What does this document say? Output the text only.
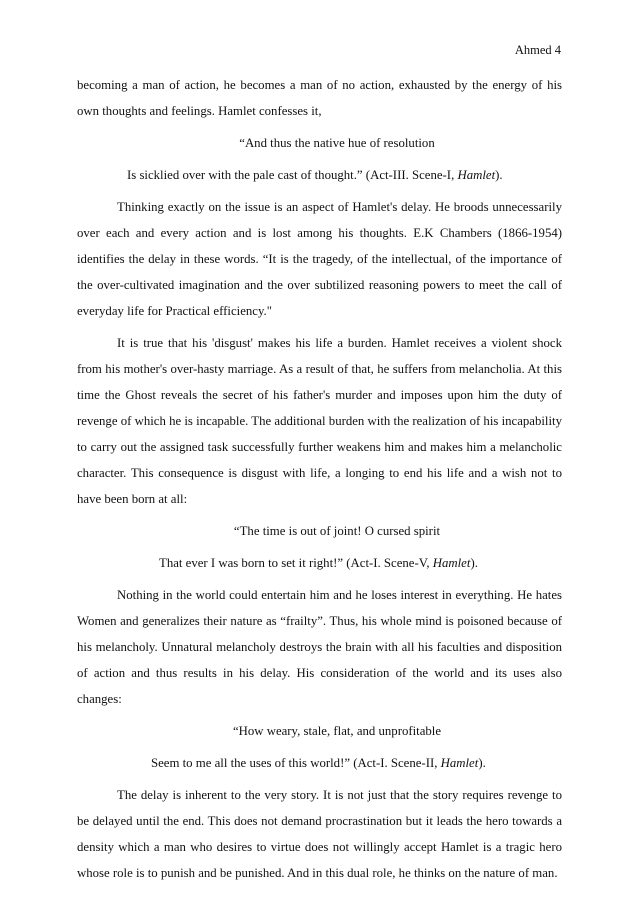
Ahmed 4

becoming a man of action, he becomes a man of no action, exhausted by the energy of his own thoughts and feelings. Hamlet confesses it,

“And thus the native hue of resolution

Is sicklied over with the pale cast of thought.” (Act-III. Scene-I, Hamlet).

Thinking exactly on the issue is an aspect of Hamlet's delay. He broods unnecessarily over each and every action and is lost among his thoughts. E.K Chambers (1866-1954) identifies the delay in these words. “It is the tragedy, of the intellectual, of the importance of the over-cultivated imagination and the over subtilized reasoning powers to meet the call of everyday life for Practical efficiency."

It is true that his 'disgust' makes his life a burden. Hamlet receives a violent shock from his mother's over-hasty marriage. As a result of that, he suffers from melancholia. At this time the Ghost reveals the secret of his father's murder and imposes upon him the duty of revenge of which he is incapable. The additional burden with the realization of his incapability to carry out the assigned task successfully further weakens him and makes him a melancholic character. This consequence is disgust with life, a longing to end his life and a wish not to have been born at all:

“The time is out of joint! O cursed spirit

That ever I was born to set it right!” (Act-I. Scene-V, Hamlet).

Nothing in the world could entertain him and he loses interest in everything. He hates Women and generalizes their nature as “frailty”. Thus, his whole mind is poisoned because of his melancholy. Unnatural melancholy destroys the brain with all his faculties and disposition of action and thus results in his delay. His consideration of the world and its uses also changes:

“How weary, stale, flat, and unprofitable

Seem to me all the uses of this world!” (Act-I. Scene-II, Hamlet).

The delay is inherent to the very story. It is not just that the story requires revenge to be delayed until the end. This does not demand procrastination but it leads the hero towards a density which a man who desires to virtue does not willingly accept Hamlet is a tragic hero whose role is to punish and be punished. And in this dual role, he thinks on the nature of man.
